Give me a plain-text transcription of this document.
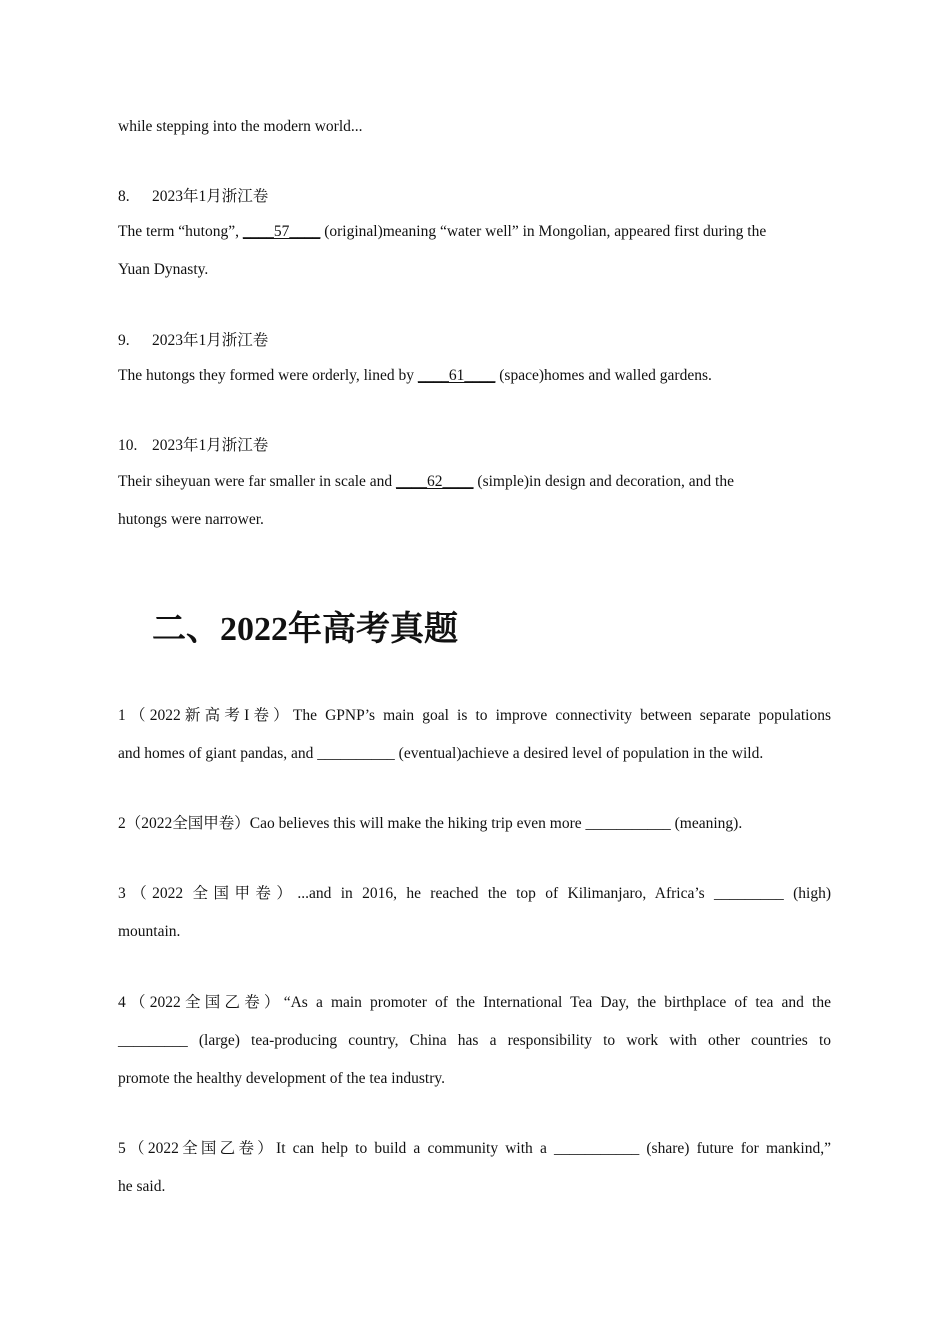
while stepping into the modern world...
8. 2023年1月浙江卷
The term “hutong”, ____57____ (original)meaning “water well” in Mongolian, appeared first during the
Yuan Dynasty.
9. 2023年1月浙江卷
The hutongs they formed were orderly, lined by ____61____ (space)homes and walled gardens.
10. 2023年1月浙江卷
Their siheyuan were far smaller in scale and ____62____ (simple)in design and decoration, and the
hutongs were narrower.
二、2022年高考真题
1（2022新高考I卷）The GPNP’s main goal is to improve connectivity between separate populations
and homes of giant pandas, and __________ (eventual)achieve a desired level of population in the wild.
2（2022全国甲卷）Cao believes this will make the hiking trip even more ___________ (meaning).
3（2022 全国甲卷）...and in 2016, he reached the top of Kilimanjaro, Africa’s _________ (high)
mountain.
4（2022全国乙卷）“As a main promoter of the International Tea Day, the birthplace of tea and the
_________ (large) tea-producing country, China has a responsibility to work with other countries to
promote the healthy development of the tea industry.
5（2022全国乙卷）It can help to build a community with a ___________ (share) future for mankind,”
he said.
